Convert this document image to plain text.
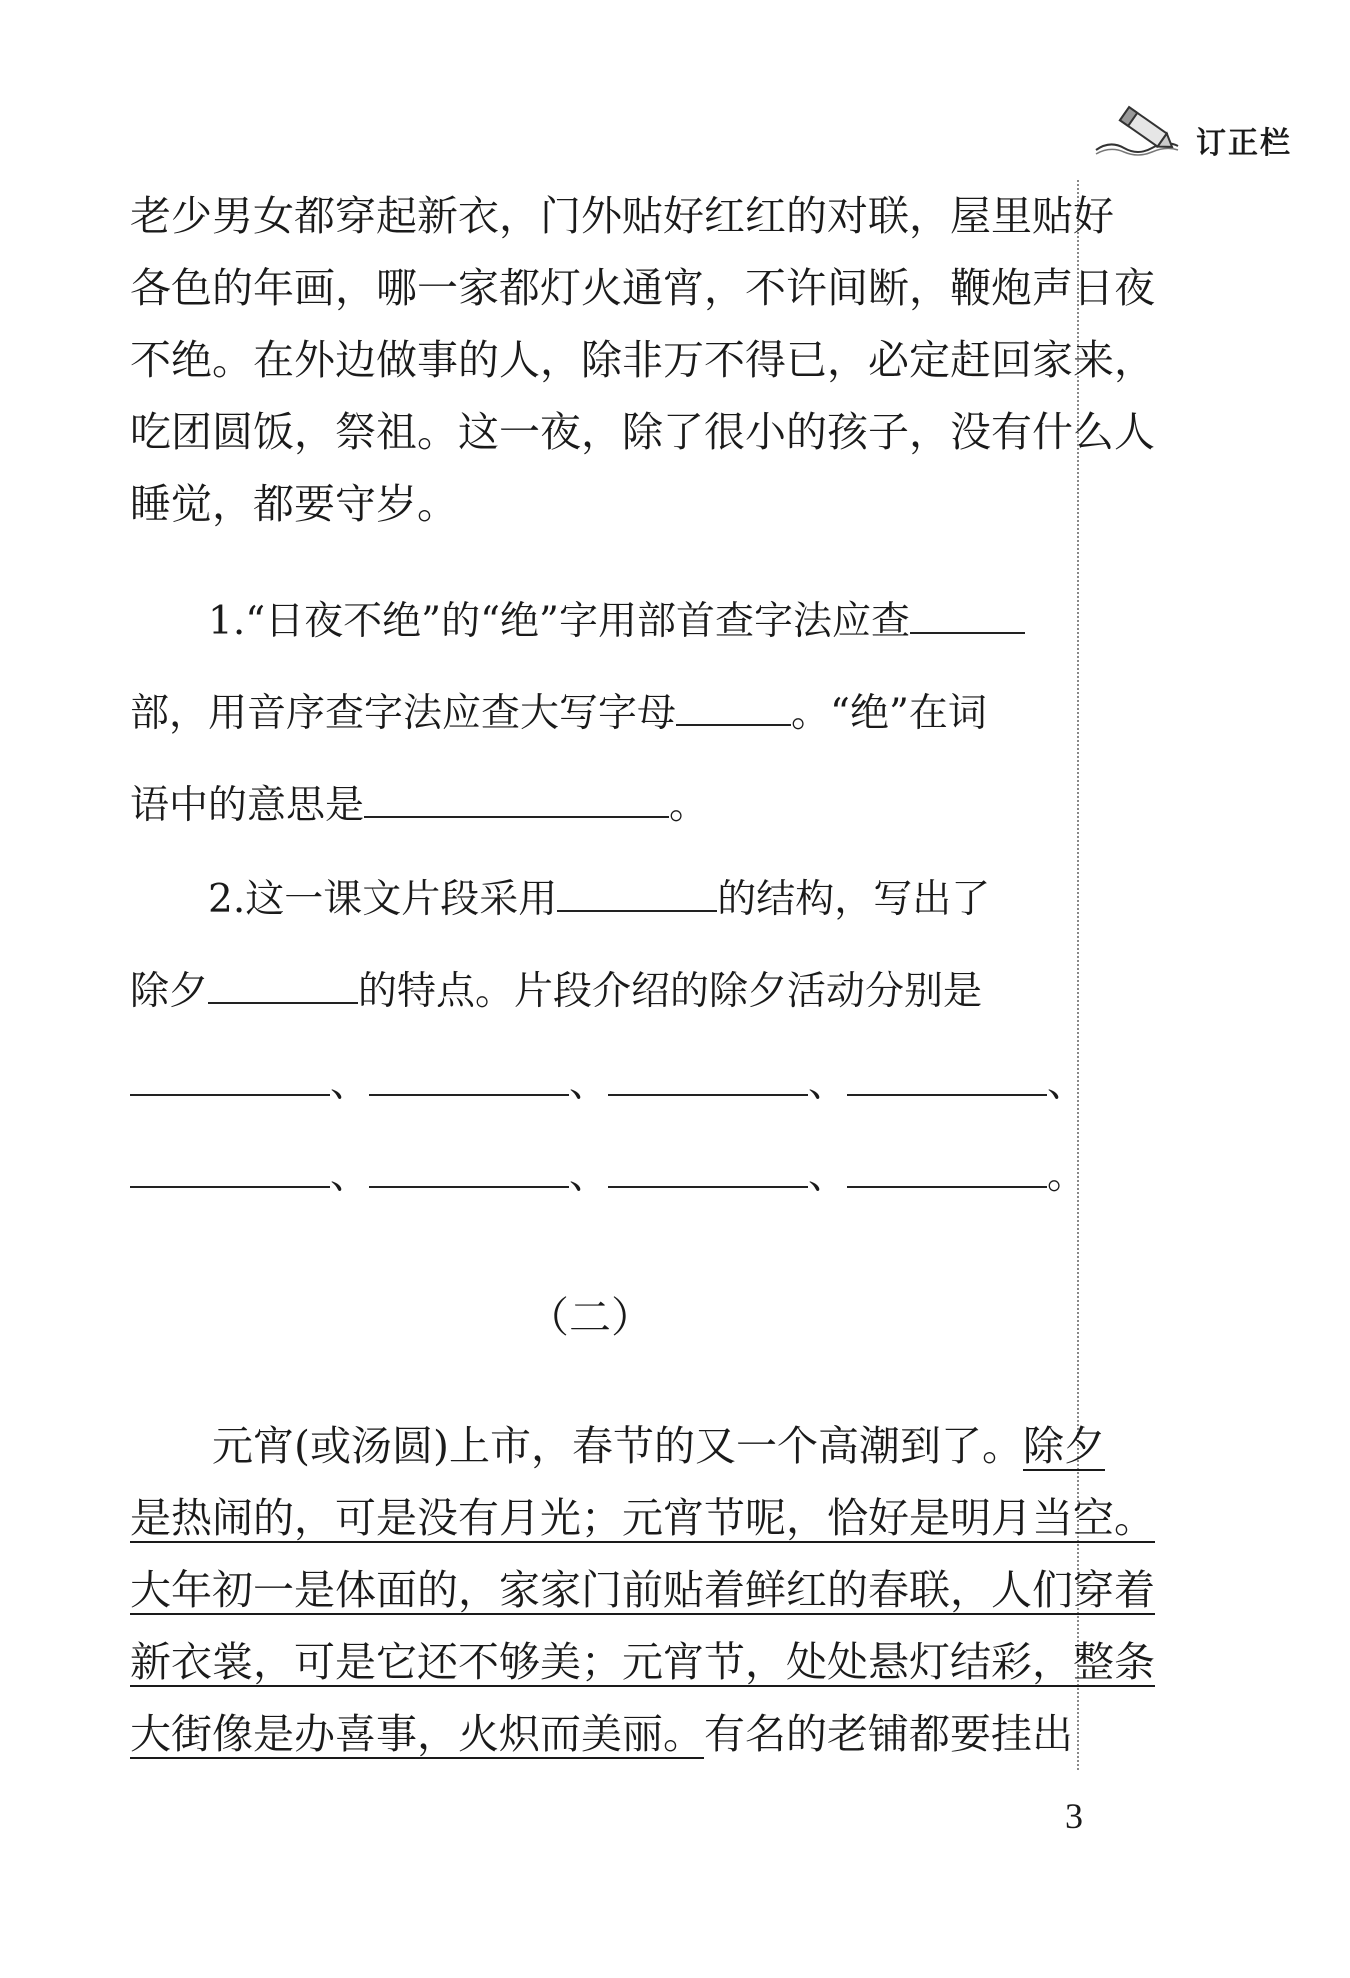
订正栏
老少男女都穿起新衣，门外贴好红红的对联，屋里贴好
各色的年画，哪一家都灯火通宵，不许间断，鞭炮声日夜
不绝。在外边做事的人，除非万不得已，必定赶回家来，
吃团圆饭，祭祖。这一夜，除了很小的孩子，没有什么人
睡觉，都要守岁。
1.“日夜不绝”的“绝”字用部首查字法应查
部，用音序查字法应查大写字母	。“绝”在词
语中的意思是	。
2.这一课文片段采用	的结构，写出了
除夕	的特点。片段介绍的除夕活动分别是
、	、	、	、
、	、	、	。
（二）
  元宵(或汤圆)上市，春节的又一个高潮到了。除夕
是热闹的，可是没有月光；元宵节呢，恰好是明月当空。
大年初一是体面的，家家门前贴着鲜红的春联，人们穿着
新衣裳，可是它还不够美；元宵节，处处悬灯结彩，整条
大街像是办喜事，火炽而美丽。有名的老铺都要挂出
3
